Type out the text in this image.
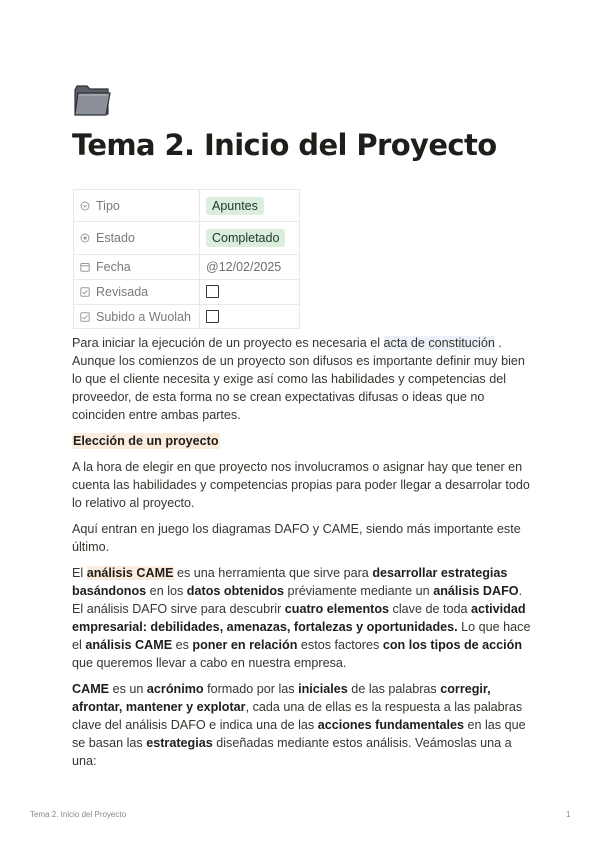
Tema 2. Inicio del Proyecto
Tipo	Apuntes
Estado	Completado
Fecha	@12/02/2025
Revisada	
Subido a Wuolah	

Para iniciar la ejecución de un proyecto es necesaria el acta de constitución .
Aunque los comienzos de un proyecto son difusos es importante definir muy bien lo que el cliente necesita y exige así como las habilidades y competencias del proveedor, de esta forma no se crean expectativas difusas o ideas que no coinciden entre ambas partes.

Elección de un proyecto

A la hora de elegir en que proyecto nos involucramos o asignar hay que tener en cuenta las habilidades y competencias propias para poder llegar a desarrolar todo lo relativo al proyecto.

Aquí entran en juego los diagramas DAFO y CAME, siendo más importante este último.

El análisis CAME es una herramienta que sirve para desarrollar estrategias basándonos en los datos obtenidos préviamente mediante un análisis DAFO. El análisis DAFO sirve para descubrir cuatro elementos clave de toda actividad empresarial: debilidades, amenazas, fortalezas y oportunidades. Lo que hace el análisis CAME es poner en relación estos factores con los tipos de acción que queremos llevar a cabo en nuestra empresa.

CAME es un acrónimo formado por las iniciales de las palabras corregir, afrontar, mantener y explotar, cada una de ellas es la respuesta a las palabras clave del análisis DAFO e indica una de las acciones fundamentales en las que se basan las estrategias diseñadas mediante estos análisis. Veámoslas una a una:

Tema 2. Inicio del Proyecto	1
